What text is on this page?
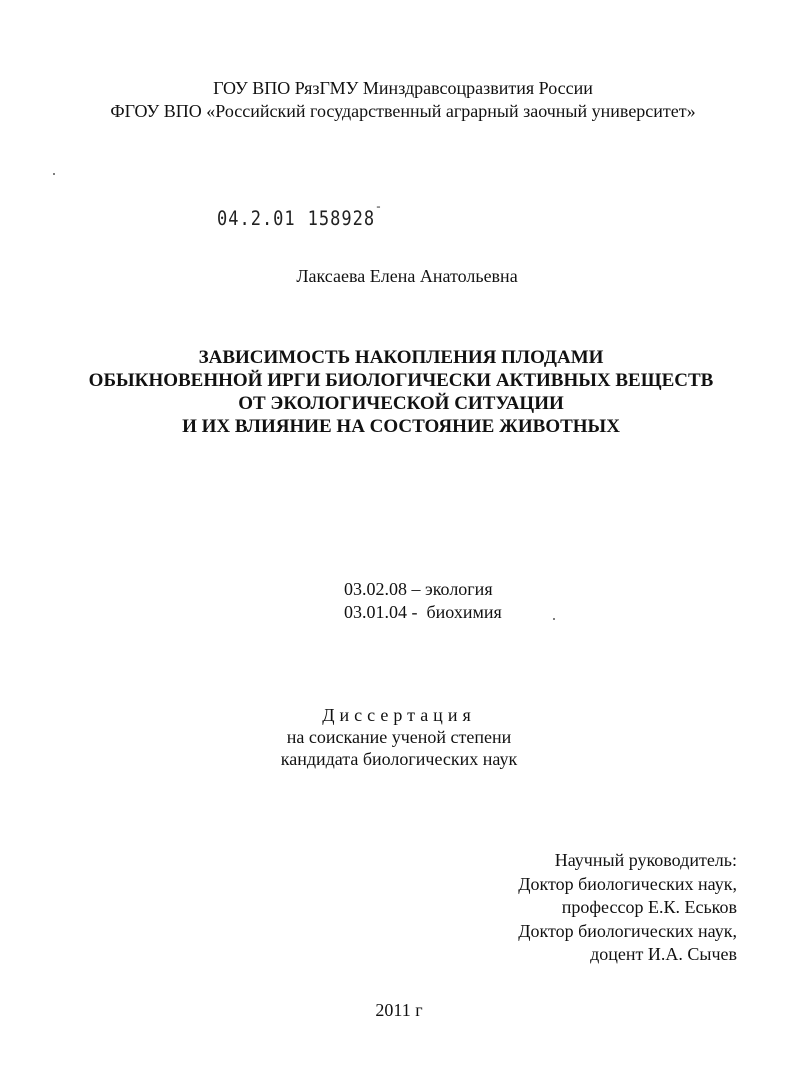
ГОУ ВПО РязГМУ Минздравсоцразвития России
ФГОУ ВПО «Российский государственный аграрный заочный университет»
04.2.01 $158928^ˉ$
Лаксаева Елена Анатольевна
ЗАВИСИМОСТЬ НАКОПЛЕНИЯ ПЛОДАМИ
ОБЫКНОВЕННОЙ ИРГИ БИОЛОГИЧЕСКИ АКТИВНЫХ ВЕЩЕСТВ
ОТ ЭКОЛОГИЧЕСКОЙ СИТУАЦИИ
И ИХ ВЛИЯНИЕ НА СОСТОЯНИЕ ЖИВОТНЫХ
03.02.08 – экология
03.01.04 - биохимия
Диссертация
на соискание ученой степени
кандидата биологических наук
Научный руководитель:
Доктор биологических наук,
профессор Е.К. Еськов
Доктор биологических наук,
доцент И.А. Сычев
2011 г
